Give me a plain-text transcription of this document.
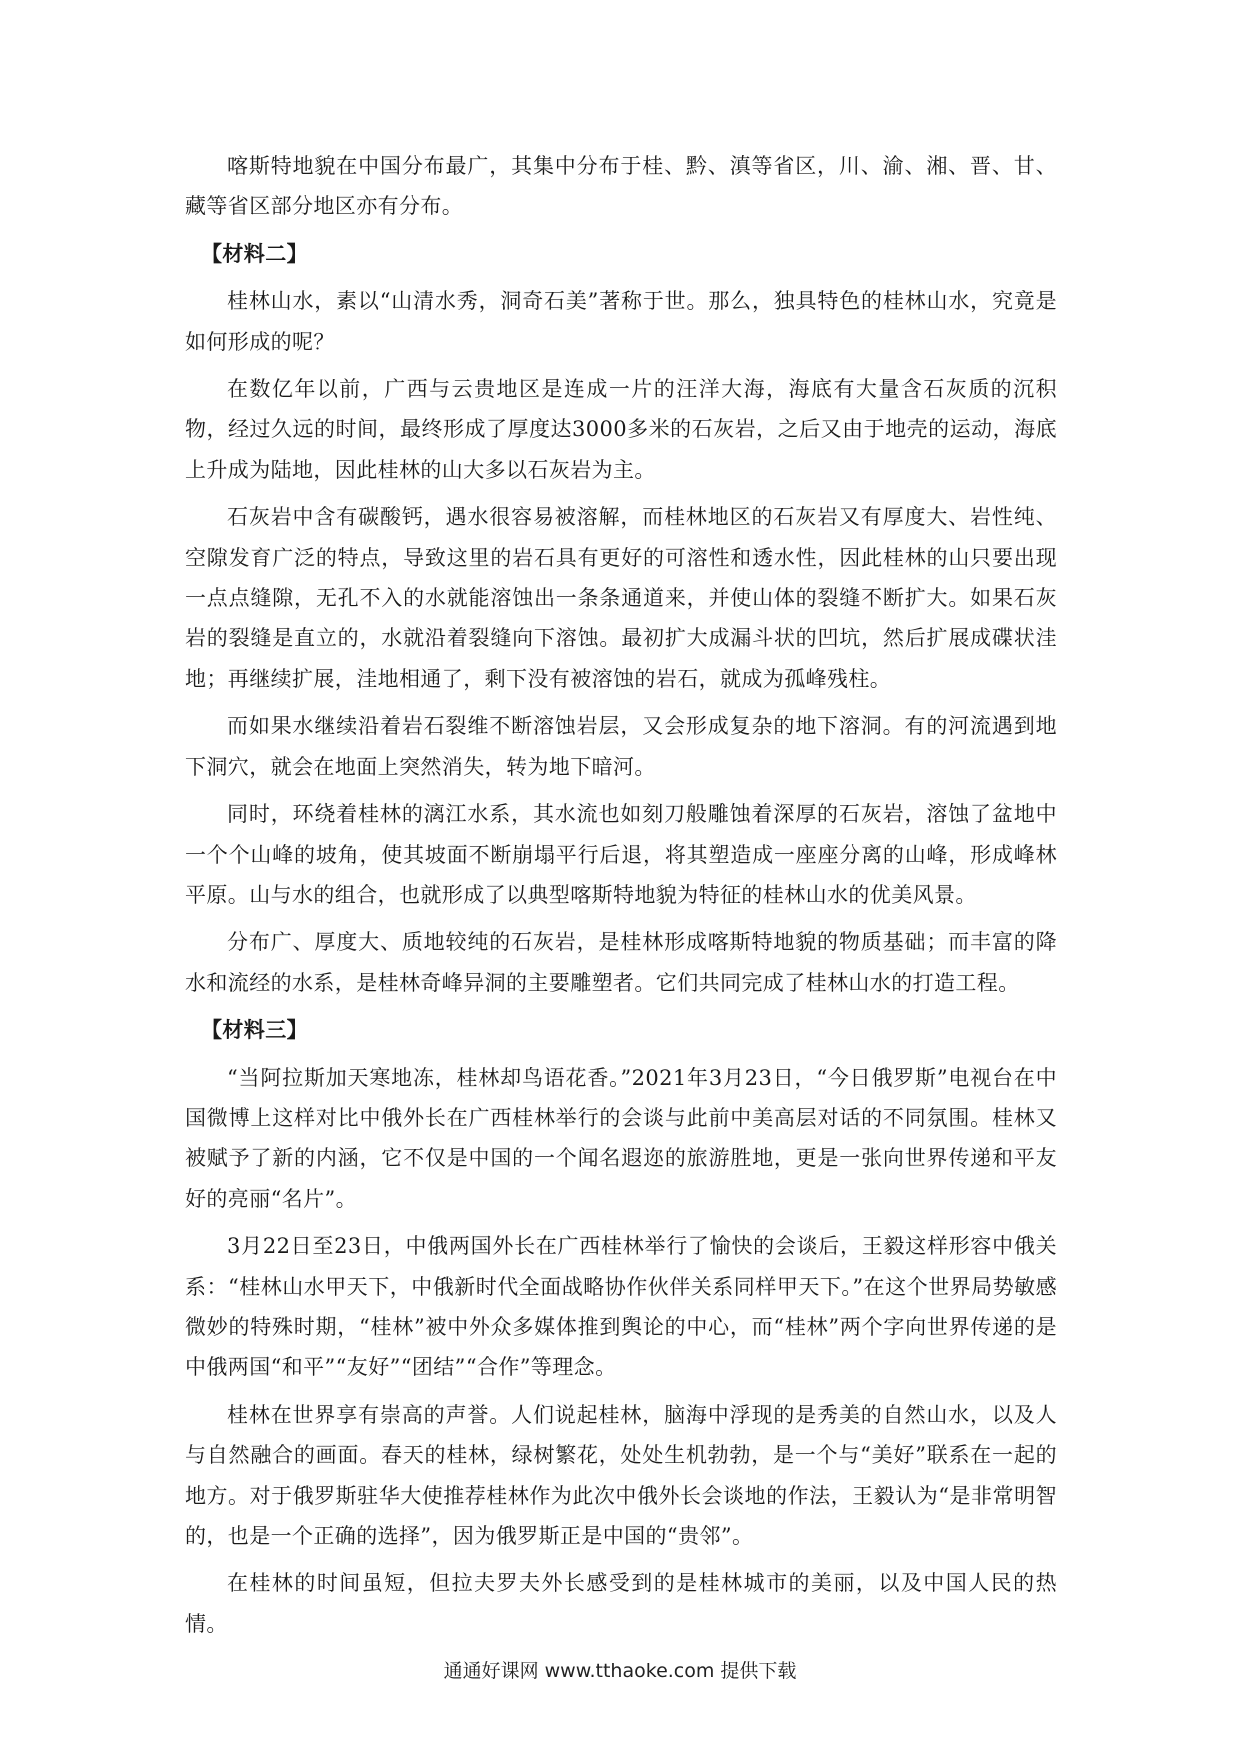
喀斯特地貌在中国分布最广，其集中分布于桂、黔、滇等省区，川、渝、湘、晋、甘、藏等省区部分地区亦有分布。

【材料二】

桂林山水，素以“山清水秀，洞奇石美”著称于世。那么，独具特色的桂林山水，究竟是如何形成的呢？

在数亿年以前，广西与云贵地区是连成一片的汪洋大海，海底有大量含石灰质的沉积物，经过久远的时间，最终形成了厚度达3000多米的石灰岩，之后又由于地壳的运动，海底上升成为陆地，因此桂林的山大多以石灰岩为主。

石灰岩中含有碳酸钙，遇水很容易被溶解，而桂林地区的石灰岩又有厚度大、岩性纯、空隙发育广泛的特点，导致这里的岩石具有更好的可溶性和透水性，因此桂林的山只要出现一点点缝隙，无孔不入的水就能溶蚀出一条条通道来，并使山体的裂缝不断扩大。如果石灰岩的裂缝是直立的，水就沿着裂缝向下溶蚀。最初扩大成漏斗状的凹坑，然后扩展成碟状洼地；再继续扩展，洼地相通了，剩下没有被溶蚀的岩石，就成为孤峰残柱。

而如果水继续沿着岩石裂维不断溶蚀岩层，又会形成复杂的地下溶洞。有的河流遇到地下洞穴，就会在地面上突然消失，转为地下暗河。

同时，环绕着桂林的漓江水系，其水流也如刻刀般雕蚀着深厚的石灰岩，溶蚀了盆地中一个个山峰的坡角，使其坡面不断崩塌平行后退，将其塑造成一座座分离的山峰，形成峰林平原。山与水的组合，也就形成了以典型喀斯特地貌为特征的桂林山水的优美风景。

分布广、厚度大、质地较纯的石灰岩，是桂林形成喀斯特地貌的物质基础；而丰富的降水和流经的水系，是桂林奇峰异洞的主要雕塑者。它们共同完成了桂林山水的打造工程。

【材料三】

“当阿拉斯加天寒地冻，桂林却鸟语花香。”2021年3月23日，“今日俄罗斯”电视台在中国微博上这样对比中俄外长在广西桂林举行的会谈与此前中美高层对话的不同氛围。桂林又被赋予了新的内涵，它不仅是中国的一个闻名遐迩的旅游胜地，更是一张向世界传递和平友好的亮丽“名片”。

3月22日至23日，中俄两国外长在广西桂林举行了愉快的会谈后，王毅这样形容中俄关系：“桂林山水甲天下，中俄新时代全面战略协作伙伴关系同样甲天下。”在这个世界局势敏感微妙的特殊时期，“桂林”被中外众多媒体推到舆论的中心，而“桂林”两个字向世界传递的是中俄两国“和平”“友好”“团结”“合作”等理念。

桂林在世界享有崇高的声誉。人们说起桂林，脑海中浮现的是秀美的自然山水，以及人与自然融合的画面。春天的桂林，绿树繁花，处处生机勃勃，是一个与“美好”联系在一起的地方。对于俄罗斯驻华大使推荐桂林作为此次中俄外长会谈地的作法，王毅认为“是非常明智的，也是一个正确的选择”，因为俄罗斯正是中国的“贵邻”。

在桂林的时间虽短，但拉夫罗夫外长感受到的是桂林城市的美丽，以及中国人民的热情。

通通好课网 www.tthaoke.com 提供下载
